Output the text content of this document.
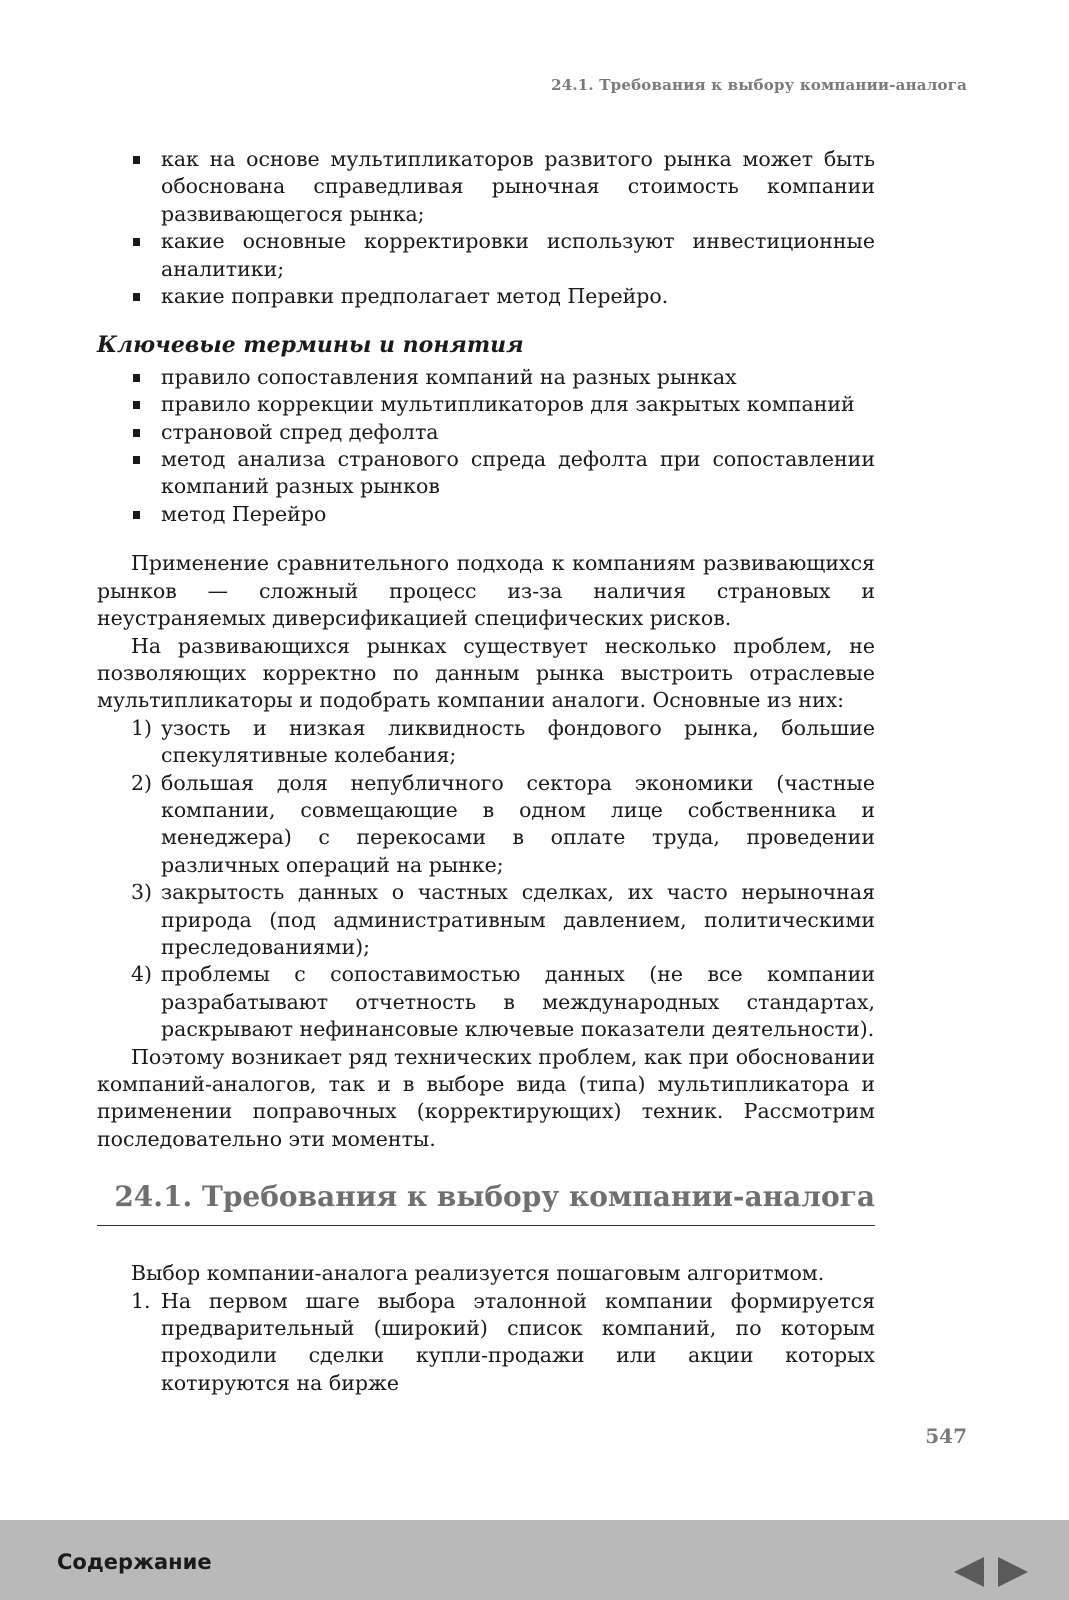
24.1. Требования к выбору компании-аналога
как на основе мультипликаторов развитого рынка может быть обоснована справедливая рыночная стоимость компании развивающегося рынка;
какие основные корректировки используют инвестиционные аналитики;
какие поправки предполагает метод Перейро.
Ключевые термины и понятия
правило сопоставления компаний на разных рынках
правило коррекции мультипликаторов для закрытых компаний
страновой спред дефолта
метод анализа странового спреда дефолта при сопоставлении компаний разных рынков
метод Перейро

Применение сравнительного подхода к компаниям развивающихся рынков — сложный процесс из-за наличия страновых и неустраняемых диверсификацией специфических рисков.

На развивающихся рынках существует несколько проблем, не позволяющих корректно по данным рынка выстроить отраслевые мультипликаторы и подобрать компании аналоги. Основные из них:

1) узость и низкая ликвидность фондового рынка, большие спекулятивные колебания;
2) большая доля непубличного сектора экономики (частные компании, совмещающие в одном лице собственника и менеджера) с перекосами в оплате труда, проведении различных операций на рынке;
3) закрытость данных о частных сделках, их часто нерыночная природа (под административным давлением, политическими преследованиями);
4) проблемы с сопоставимостью данных (не все компании разрабатывают отчетность в международных стандартах, раскрывают нефинансовые ключевые показатели деятельности).

Поэтому возникает ряд технических проблем, как при обосновании компаний-аналогов, так и в выборе вида (типа) мультипликатора и применении поправочных (корректирующих) техник. Рассмотрим последовательно эти моменты.

24.1. Требования к выбору компании-аналога

Выбор компании-аналога реализуется пошаговым алгоритмом.

1. На первом шаге выбора эталонной компании формируется предварительный (широкий) список компаний, по которым проходили сделки купли-продажи или акции которых котируются на бирже
547
Содержание
